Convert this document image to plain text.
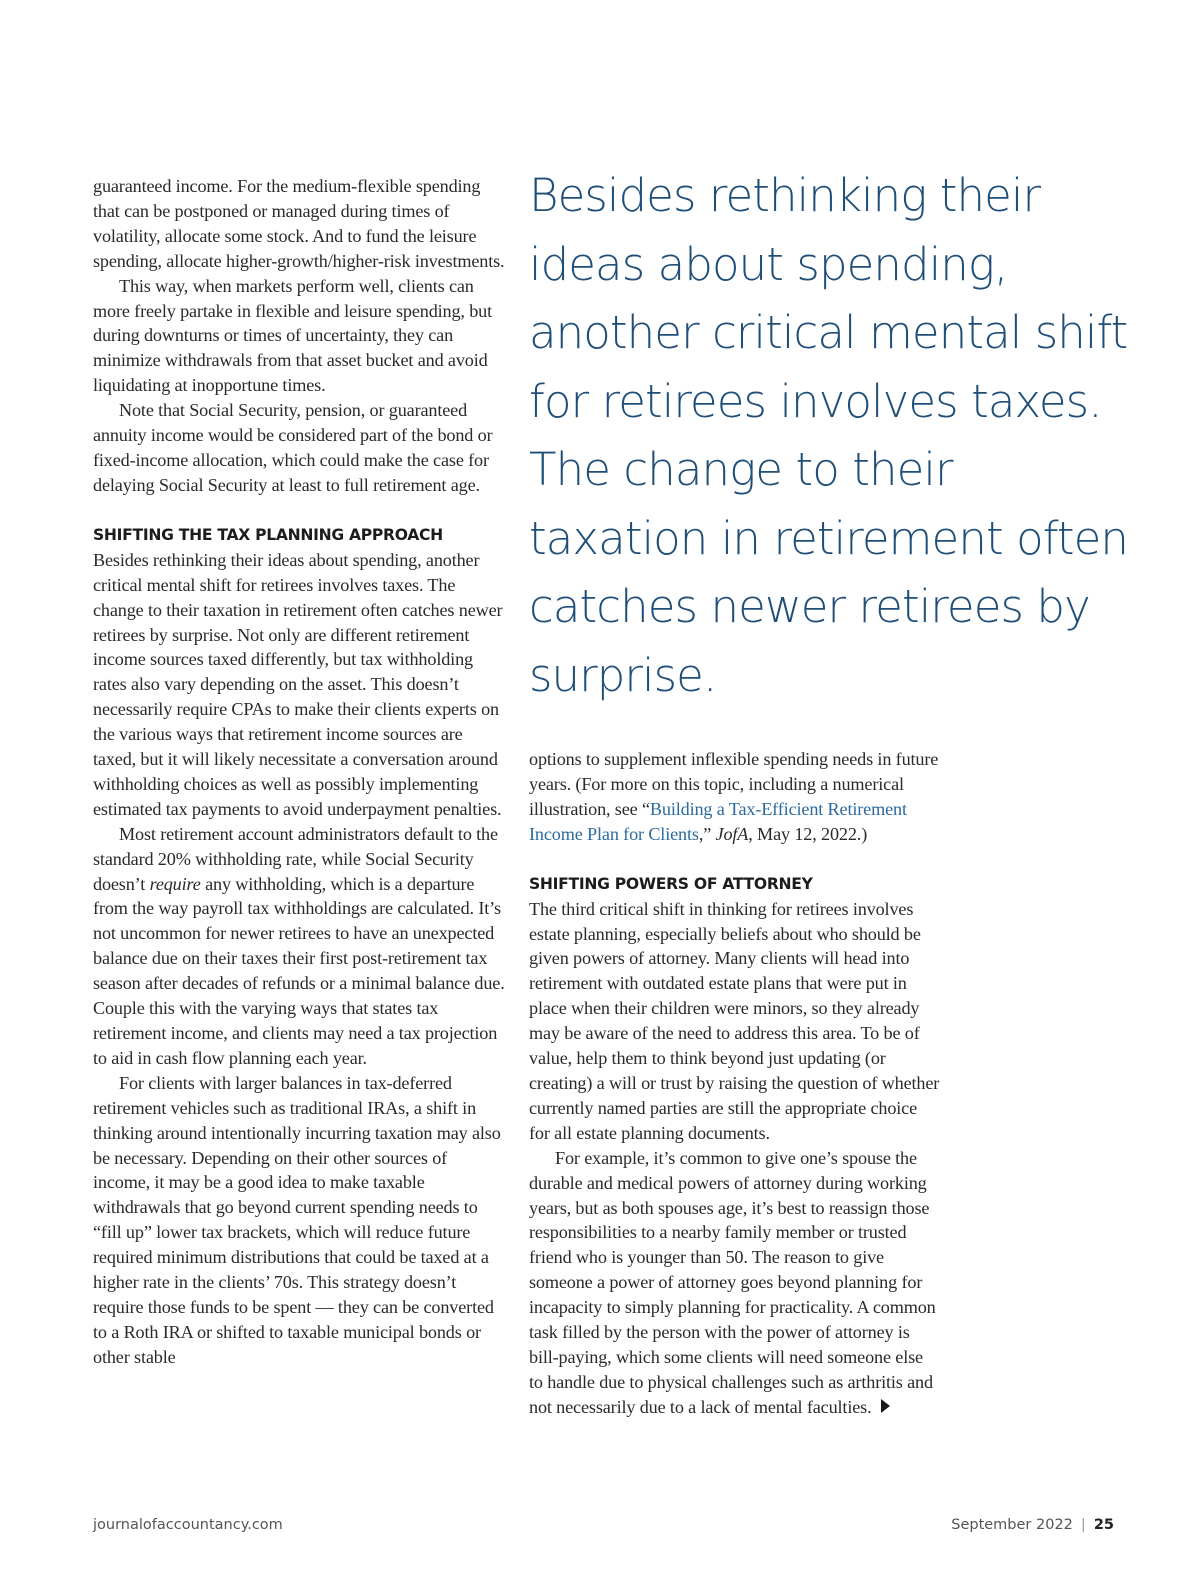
guaranteed income. For the medium-flexible spending that can be postponed or managed during times of volatility, allocate some stock. And to fund the leisure spending, allocate higher-growth/higher-risk investments.

This way, when markets perform well, clients can more freely partake in flexible and leisure spending, but during downturns or times of uncertainty, they can minimize withdrawals from that asset bucket and avoid liquidating at inopportune times.

Note that Social Security, pension, or guaranteed annuity income would be considered part of the bond or fixed-income allocation, which could make the case for delaying Social Security at least to full retirement age.

SHIFTING THE TAX PLANNING APPROACH

Besides rethinking their ideas about spending, another critical mental shift for retirees involves taxes. The change to their taxation in retirement often catches newer retirees by surprise. Not only are different retirement income sources taxed differently, but tax withholding rates also vary depending on the asset. This doesn’t necessarily require CPAs to make their clients experts on the various ways that retirement income sources are taxed, but it will likely necessitate a conversation around withholding choices as well as possibly implementing estimated tax payments to avoid underpayment penalties.

Most retirement account administrators default to the standard 20% withholding rate, while Social Security doesn’t require any withholding, which is a departure from the way payroll tax withholdings are calculated. It’s not uncommon for newer retirees to have an unexpected balance due on their taxes their first post-retirement tax season after decades of refunds or a minimal balance due. Couple this with the varying ways that states tax retirement income, and clients may need a tax projection to aid in cash flow planning each year.

For clients with larger balances in tax-deferred retirement vehicles such as traditional IRAs, a shift in thinking around intentionally incurring taxation may also be necessary. Depending on their other sources of income, it may be a good idea to make taxable withdrawals that go beyond current spending needs to “fill up” lower tax brackets, which will reduce future required minimum distributions that could be taxed at a higher rate in the clients’ 70s. This strategy doesn’t require those funds to be spent — they can be converted to a Roth IRA or shifted to taxable municipal bonds or other stable

Besides rethinking their ideas about spending, another critical mental shift for retirees involves taxes. The change to their taxation in retirement often catches newer retirees by surprise.

options to supplement inflexible spending needs in future years. (For more on this topic, including a numerical illustration, see “Building a Tax-Efficient Retirement Income Plan for Clients,” JofA, May 12, 2022.)

SHIFTING POWERS OF ATTORNEY

The third critical shift in thinking for retirees involves estate planning, especially beliefs about who should be given powers of attorney. Many clients will head into retirement with outdated estate plans that were put in place when their children were minors, so they already may be aware of the need to address this area. To be of value, help them to think beyond just updating (or creating) a will or trust by raising the question of whether currently named parties are still the appropriate choice for all estate planning documents.

For example, it’s common to give one’s spouse the durable and medical powers of attorney during working years, but as both spouses age, it’s best to reassign those responsibilities to a nearby family member or trusted friend who is younger than 50. The reason to give someone a power of attorney goes beyond planning for incapacity to simply planning for practicality. A common task filled by the person with the power of attorney is bill-paying, which some clients will need someone else to handle due to physical challenges such as arthritis and not necessarily due to a lack of mental faculties.

journalofaccountancy.com	September 2022 | 25
